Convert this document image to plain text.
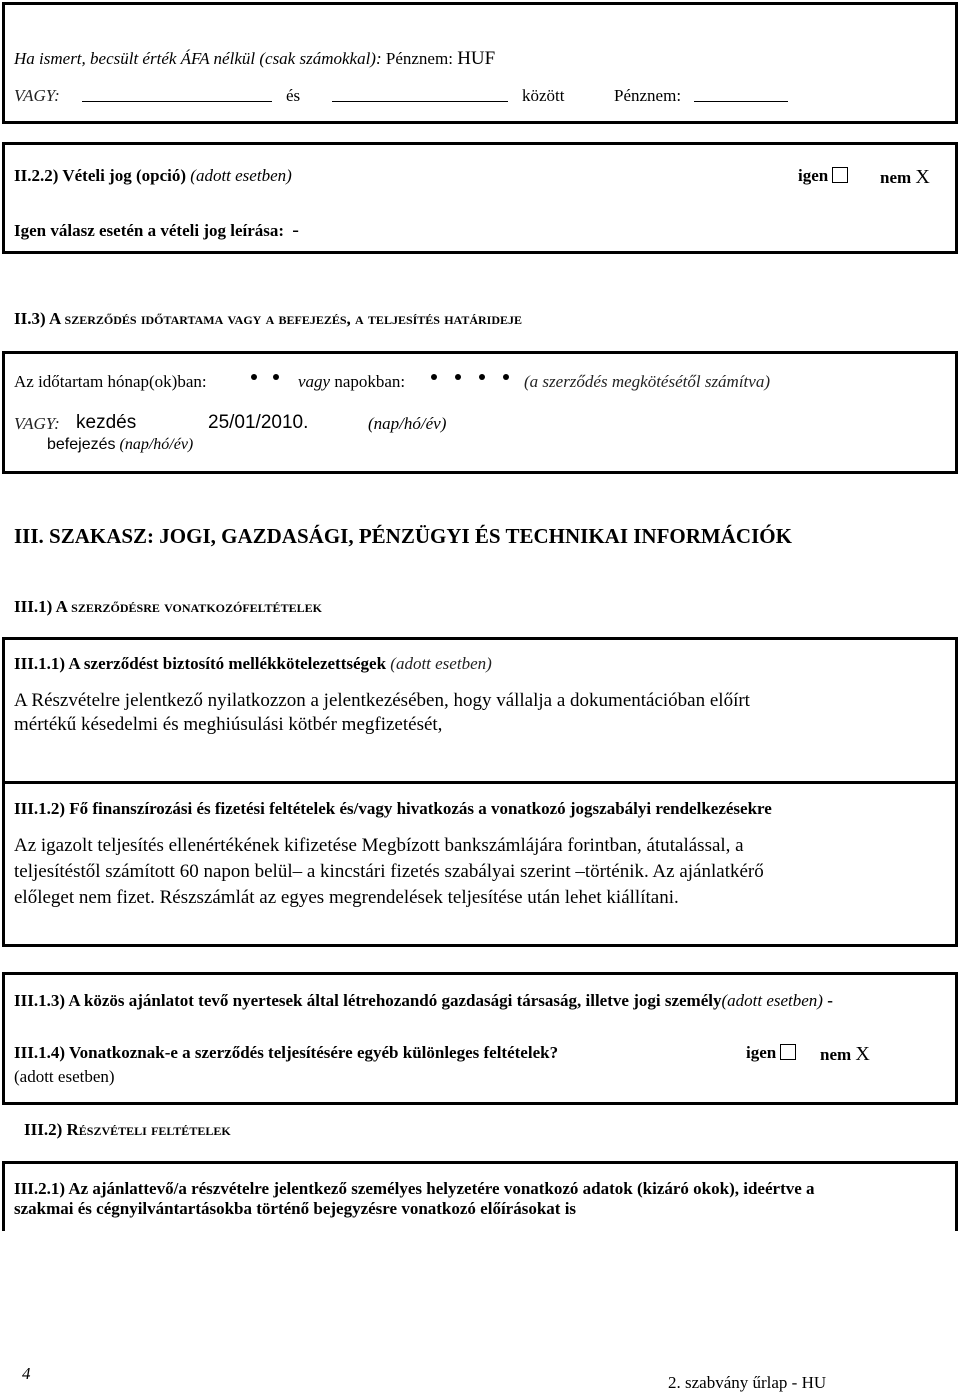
Ha ismert, becsült érték ÁFA nélkül (csak számokkal): Pénznem: HUF
VAGY:	és	között	Pénznem:
II.2.2) Vételi jog (opció) (adott esetben)	igen	nem X
Igen válasz esetén a vételi jog leírása: -
II.3) A szerződés időtartama vagy a befejezés, a teljesítés határideje
Az időtartam hónap(ok)ban:	vagy napokban:	(a szerződés megkötésétől számítva)
VAGY: kezdés	25/01/2010.	(nap/hó/év)
befejezés (nap/hó/év)
III. SZAKASZ: JOGI, GAZDASÁGI, PÉNZÜGYI ÉS TECHNIKAI INFORMÁCIÓK
III.1) A szerződésre vonatkozófeltételek
III.1.1) A szerződést biztosító mellékkötelezettségek (adott esetben)
A Részvételre jelentkező nyilatkozzon a jelentkezésében, hogy vállalja a dokumentációban előírt
mértékű késedelmi és meghiúsulási kötbér megfizetését,
III.1.2) Fő finanszírozási és fizetési feltételek és/vagy hivatkozás a vonatkozó jogszabályi rendelkezésekre
Az igazolt teljesítés ellenértékének kifizetése Megbízott bankszámlájára forintban, átutalással, a
teljesítéstől számított 60 napon belül– a kincstári fizetés szabályai szerint –történik. Az ajánlatkérő
előleget nem fizet. Részszámlát az egyes megrendelések teljesítése után lehet kiállítani.
III.1.3) A közös ajánlatot tevő nyertesek által létrehozandó gazdasági társaság, illetve jogi személy(adott esetben) -
III.1.4) Vonatkoznak-e a szerződés teljesítésére egyéb különleges feltételek?	igen	nem X
(adott esetben)
III.2) Részvételi feltételek
III.2.1) Az ajánlattevő/a részvételre jelentkező személyes helyzetére vonatkozó adatok (kizáró okok), ideértve a
szakmai és cégnyilvántartásokba történő bejegyzésre vonatkozó előírásokat is
4	2. szabvány űrlap - HU
